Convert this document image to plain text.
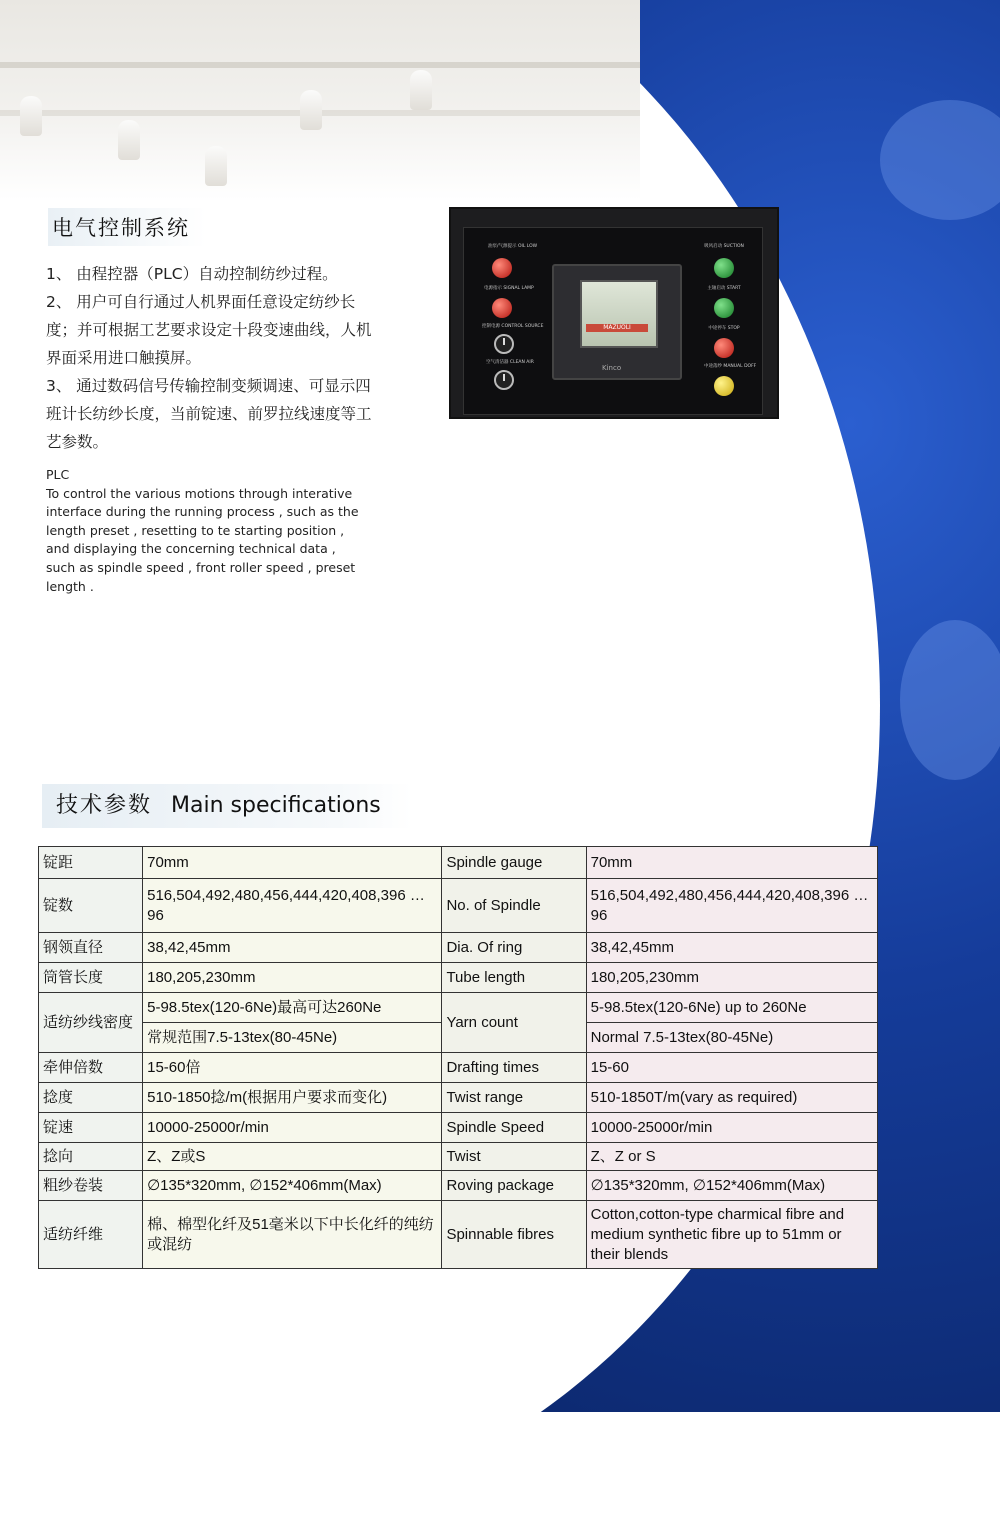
电气控制系统

1、 由程控器（PLC）自动控制纺纱过程。

2、 用户可自行通过人机界面任意设定纺纱长度；并可根据工艺要求设定十段变速曲线，人机界面采用进口触摸屏。

3、 通过数码信号传输控制变频调速、可显示四班计长纺纱长度，当前锭速、前罗拉线速度等工艺参数。

PLC

To control the various motions through interative interface during the running process , such as the length preset , resetting to te starting position , and displaying the concerning technical data , such as spindle speed , front roller speed , preset length .

油泵/气源提示 OIL LOW
电源指示 SIGNAL LAMP
控制电源 CONTROL SOURCE
空气清洁器 CLEAN AIR
MAZUOLI
Kinco
吸风启动 SUCTION
主轴启动 START
中途停车 STOP
中途落纱 MANUAL DOFF
技术参数 Main specifications
锭距	70mm	Spindle gauge	70mm
锭数	516,504,492,480,456,444,420,408,396 …96	No. of Spindle	516,504,492,480,456,444,420,408,396 …96
钢领直径	38,42,45mm	Dia. Of ring	38,42,45mm
筒管长度	180,205,230mm	Tube length	180,205,230mm
适纺纱线密度	5-98.5tex(120-6Ne)最高可达260Ne	Yarn count	5-98.5tex(120-6Ne) up to 260Ne
	常规范围7.5-13tex(80-45Ne)		Normal 7.5-13tex(80-45Ne)
牵伸倍数	15-60倍	Drafting times	15-60
捻度	510-1850捻/m(根据用户要求而变化)	Twist range	510-1850T/m(vary as required)
锭速	10000-25000r/min	Spindle Speed	10000-25000r/min
捻向	Z、Z或S	Twist	Z、Z or S
粗纱卷装	∅135*320mm, ∅152*406mm(Max)	Roving package	∅135*320mm, ∅152*406mm(Max)
适纺纤维	棉、棉型化纤及51毫米以下中长化纤的纯纺或混纺	Spinnable fibres	Cotton,cotton-type charmical fibre and medium synthetic fibre up to 51mm or their blends
